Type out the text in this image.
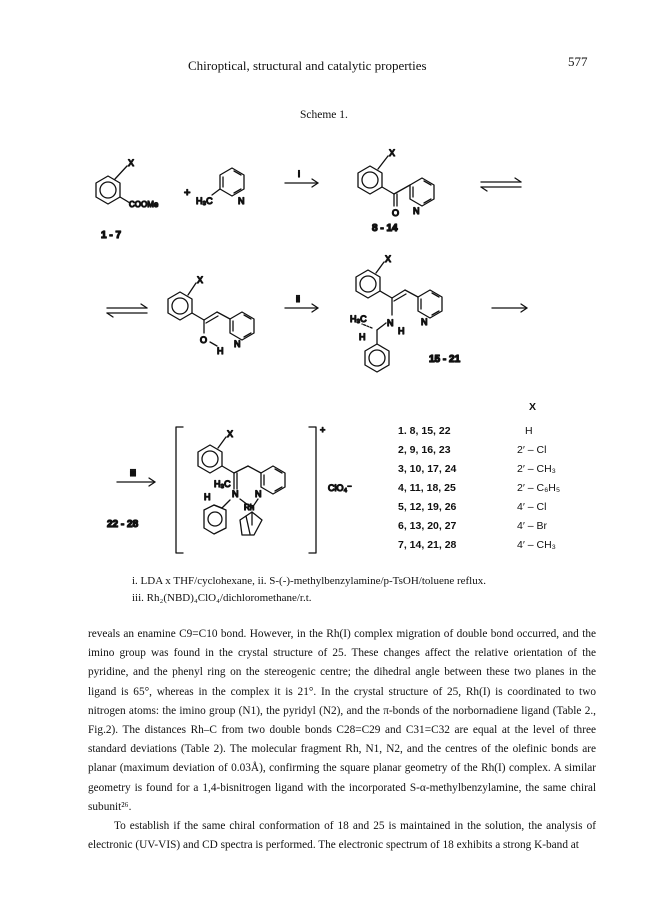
Chiroptical, structural and catalytic properties	577
Scheme 1.
X
COOMe
1 - 7
+
H₃C	N
i
X
O N
8 - 14
X
O
H
N
ii
X
H₃C N
H
H
N
15 - 21
iii
22 - 28
+
ClO₄⁻
X
H₃C
H N N
Rh
X
1. 8, 15, 22
2, 9, 16, 23
3, 10, 17, 24
4, 11, 18, 25
5, 12, 19, 26
6, 13, 20, 27
7, 14, 21, 28
H
2′ – Cl
2′ – CH₃
2′ – C₆H₅
4′ – Cl
4′ – Br
4′ – CH₃
i. LDA x THF/cyclohexane, ii. S-(-)-methylbenzylamine/p-TsOH/toluene reflux.
iii. Rh₂(NBD)₄ClO₄/dichloromethane/r.t.

reveals an enamine C9=C10 bond. However, in the Rh(I) complex migration of double bond occurred, and the imino group was found in the crystal structure of 25. These changes affect the relative orientation of the pyridine, and the phenyl ring on the stereogenic centre; the dihedral angle between these two planes in the ligand is 65°, whereas in the complex it is 21°. In the crystal structure of 25, Rh(I) is coordinated to two nitrogen atoms: the imino group (N1), the pyridyl (N2), and the π-bonds of the norbornadiene ligand (Table 2., Fig.2). The distances Rh–C from two double bonds C28=C29 and C31=C32 are equal at the level of three standard deviations (Table 2). The molecular fragment Rh, N1, N2, and the centres of the olefinic bonds are planar (maximum deviation of 0.03Å), confirming the square planar geometry of the Rh(I) complex. A similar geometry is found for a 1,4-bisnitrogen ligand with the incorporated S-α-methylbenzylamine, the same chiral subunit²⁶.

To establish if the same chiral conformation of 18 and 25 is maintained in the solution, the analysis of electronic (UV-VIS) and CD spectra is performed. The electronic spectrum of 18 exhibits a strong K-band at
